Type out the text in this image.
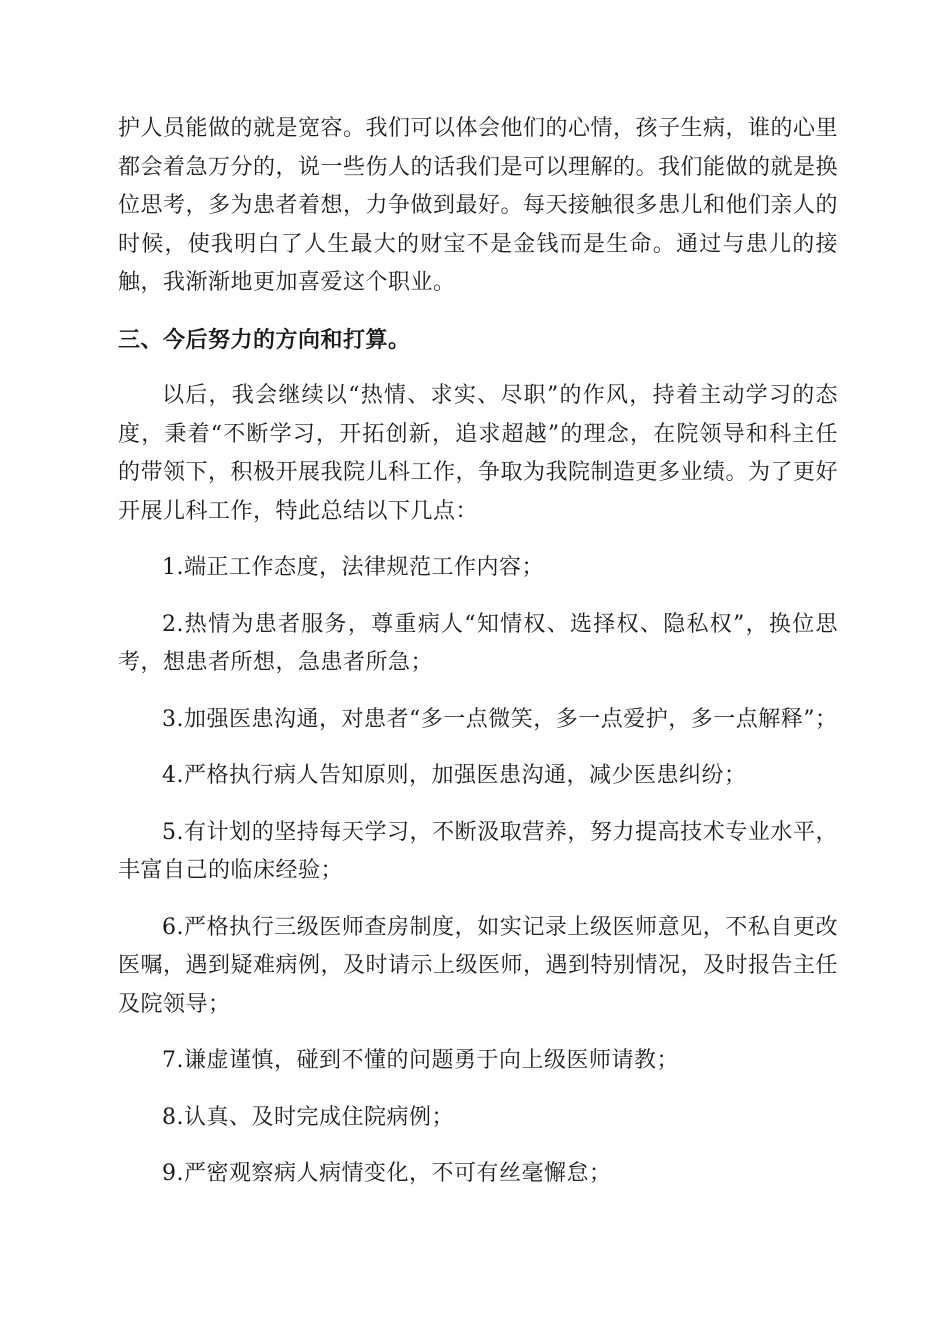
护人员能做的就是宽容。我们可以体会他们的心情，孩子生病，谁的心里都会着急万分的，说一些伤人的话我们是可以理解的。我们能做的就是换位思考，多为患者着想，力争做到最好。每天接触很多患儿和他们亲人的时候，使我明白了人生最大的财宝不是金钱而是生命。通过与患儿的接触，我渐渐地更加喜爱这个职业。

三、今后努力的方向和打算。

以后，我会继续以“热情、求实、尽职”的作风，持着主动学习的态度，秉着“不断学习，开拓创新，追求超越”的理念，在院领导和科主任的带领下，积极开展我院儿科工作，争取为我院制造更多业绩。为了更好开展儿科工作，特此总结以下几点：

1.端正工作态度，法律规范工作内容；

2.热情为患者服务，尊重病人“知情权、选择权、隐私权”，换位思考，想患者所想，急患者所急；

3.加强医患沟通，对患者“多一点微笑，多一点爱护，多一点解释”；

4.严格执行病人告知原则，加强医患沟通，减少医患纠纷；

5.有计划的坚持每天学习，不断汲取营养，努力提高技术专业水平，丰富自己的临床经验；

6.严格执行三级医师查房制度，如实记录上级医师意见，不私自更改医嘱，遇到疑难病例，及时请示上级医师，遇到特别情况，及时报告主任及院领导；

7.谦虚谨慎，碰到不懂的问题勇于向上级医师请教；

8.认真、及时完成住院病例；

9.严密观察病人病情变化，不可有丝毫懈怠；
